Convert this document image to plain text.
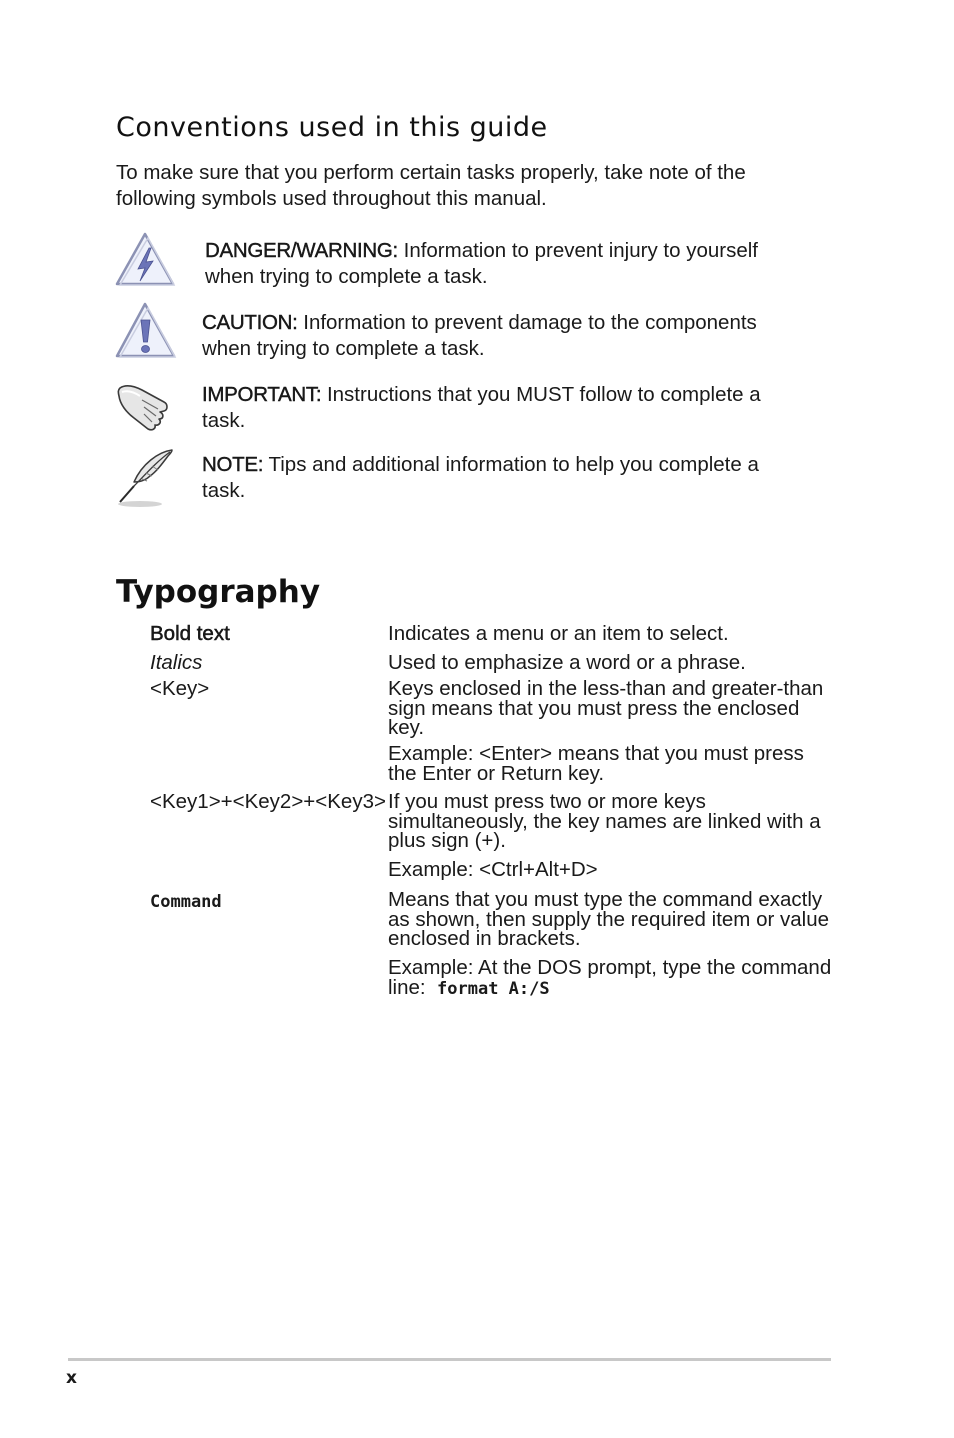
Conventions used in this guide

To make sure that you perform certain tasks properly, take note of the following symbols used throughout this manual.

DANGER/WARNING: Information to prevent injury to yourself when trying to complete a task.
CAUTION: Information to prevent damage to the components when trying to complete a task.
IMPORTANT: Instructions that you MUST follow to complete a task.
NOTE: Tips and additional information to help you complete a task.
Typography
Bold text	Indicates a menu or an item to select.
Italics	Used to emphasize a word or a phrase.
<Key>	Keys enclosed in the less-than and greater-than sign means that you must press the enclosed key.
Example: <Enter> means that you must press the Enter or Return key.
<Key1>+<Key2>+<Key3> If you must press two or more keys simultaneously, the key names are linked with a plus sign (+).
Example: <Ctrl+Alt+D>
Command	Means that you must type the command exactly as shown, then supply the required item or value enclosed in brackets.
Example: At the DOS prompt, type the command line: format A:/S
x
